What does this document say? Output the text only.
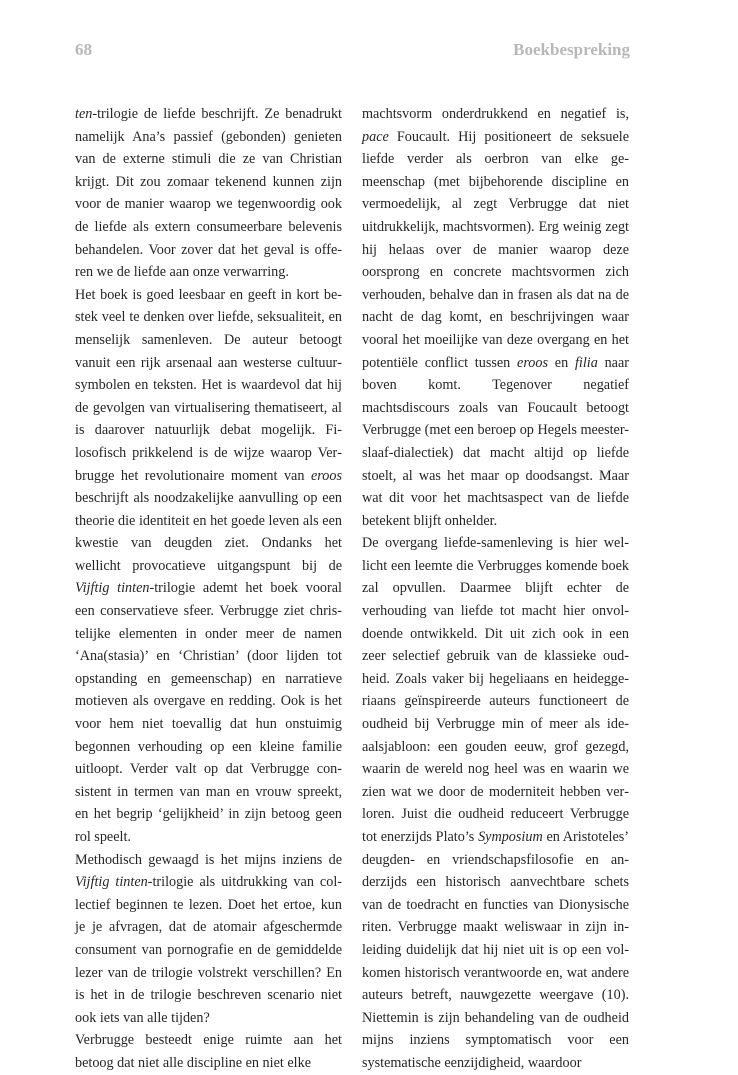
68	Boekbespreking

ten-trilogie de liefde beschrijft. Ze benadrukt namelijk Ana’s passief (gebonden) genieten van de externe stimuli die ze van Christian krijgt. Dit zou zomaar tekenend kunnen zijn voor de manier waarop we tegenwoordig ook de liefde als extern consumeerbare belevenis behandelen. Voor zover dat het geval is offeren we de liefde aan onze verwarring.

Het boek is goed leesbaar en geeft in kort bestek veel te denken over liefde, seksualiteit, en menselijk samenleven. De auteur betoogt vanuit een rijk arsenaal aan westerse cultuursymbolen en teksten. Het is waardevol dat hij de gevolgen van virtualisering thematiseert, al is daarover natuurlijk debat mogelijk. Filosofisch prikkelend is de wijze waarop Verbrugge het revolutionaire moment van eroos beschrijft als noodzakelijke aanvulling op een theorie die identiteit en het goede leven als een kwestie van deugden ziet. Ondanks het wellicht provocatieve uitgangspunt bij de Vijftig tinten-trilogie ademt het boek vooral een conservatieve sfeer. Verbrugge ziet christelijke elementen in onder meer de namen ‘Ana(stasia)’ en ‘Christian’ (door lijden tot opstanding en gemeenschap) en narratieve motieven als overgave en redding. Ook is het voor hem niet toevallig dat hun onstuimig begonnen verhouding op een kleine familie uitloopt. Verder valt op dat Verbrugge consistent in termen van man en vrouw spreekt, en het begrip ‘gelijkheid’ in zijn betoog geen rol speelt.

Methodisch gewaagd is het mijns inziens de Vijftig tinten-trilogie als uitdrukking van collectief beginnen te lezen. Doet het ertoe, kun je je afvragen, dat de atomair afgeschermde consument van pornografie en de gemiddelde lezer van de trilogie volstrekt verschillen? En is het in de trilogie beschreven scenario niet ook iets van alle tijden?

Verbrugge besteedt enige ruimte aan het betoog dat niet alle discipline en niet elke

machtsvorm onderdrukkend en negatief is, pace Foucault. Hij positioneert de seksuele liefde verder als oerbron van elke gemeenschap (met bijbehorende discipline en vermoedelijk, al zegt Verbrugge dat niet uitdrukkelijk, machtsvormen). Erg weinig zegt hij helaas over de manier waarop deze oorsprong en concrete machtsvormen zich verhouden, behalve dan in frasen als dat na de nacht de dag komt, en beschrijvingen waar vooral het moeilijke van deze overgang en het potentiële conflict tussen eroos en filia naar boven komt. Tegenover negatief machtsdiscours zoals van Foucault betoogt Verbrugge (met een beroep op Hegels meester-slaaf-dialectiek) dat macht altijd op liefde stoelt, al was het maar op doodsangst. Maar wat dit voor het machtsaspect van de liefde betekent blijft onhelder.

De overgang liefde-samenleving is hier wellicht een leemte die Verbrugges komende boek zal opvullen. Daarmee blijft echter de verhouding van liefde tot macht hier onvoldoende ontwikkeld. Dit uit zich ook in een zeer selectief gebruik van de klassieke oudheid. Zoals vaker bij hegeliaans en heideggeriaans geïnspireerde auteurs functioneert de oudheid bij Verbrugge min of meer als ideaalsjabloon: een gouden eeuw, grof gezegd, waarin de wereld nog heel was en waarin we zien wat we door de moderniteit hebben verloren. Juist die oudheid reduceert Verbrugge tot enerzijds Plato’s Symposium en Aristoteles’ deugden- en vriendschapsfilosofie en anderzijds een historisch aanvechtbare schets van de toedracht en functies van Dionysische riten. Verbrugge maakt weliswaar in zijn inleiding duidelijk dat hij niet uit is op een volkomen historisch verantwoorde en, wat andere auteurs betreft, nauwgezette weergave (10). Niettemin is zijn behandeling van de oudheid mijns inziens symptomatisch voor een systematische eenzijdigheid, waardoor
